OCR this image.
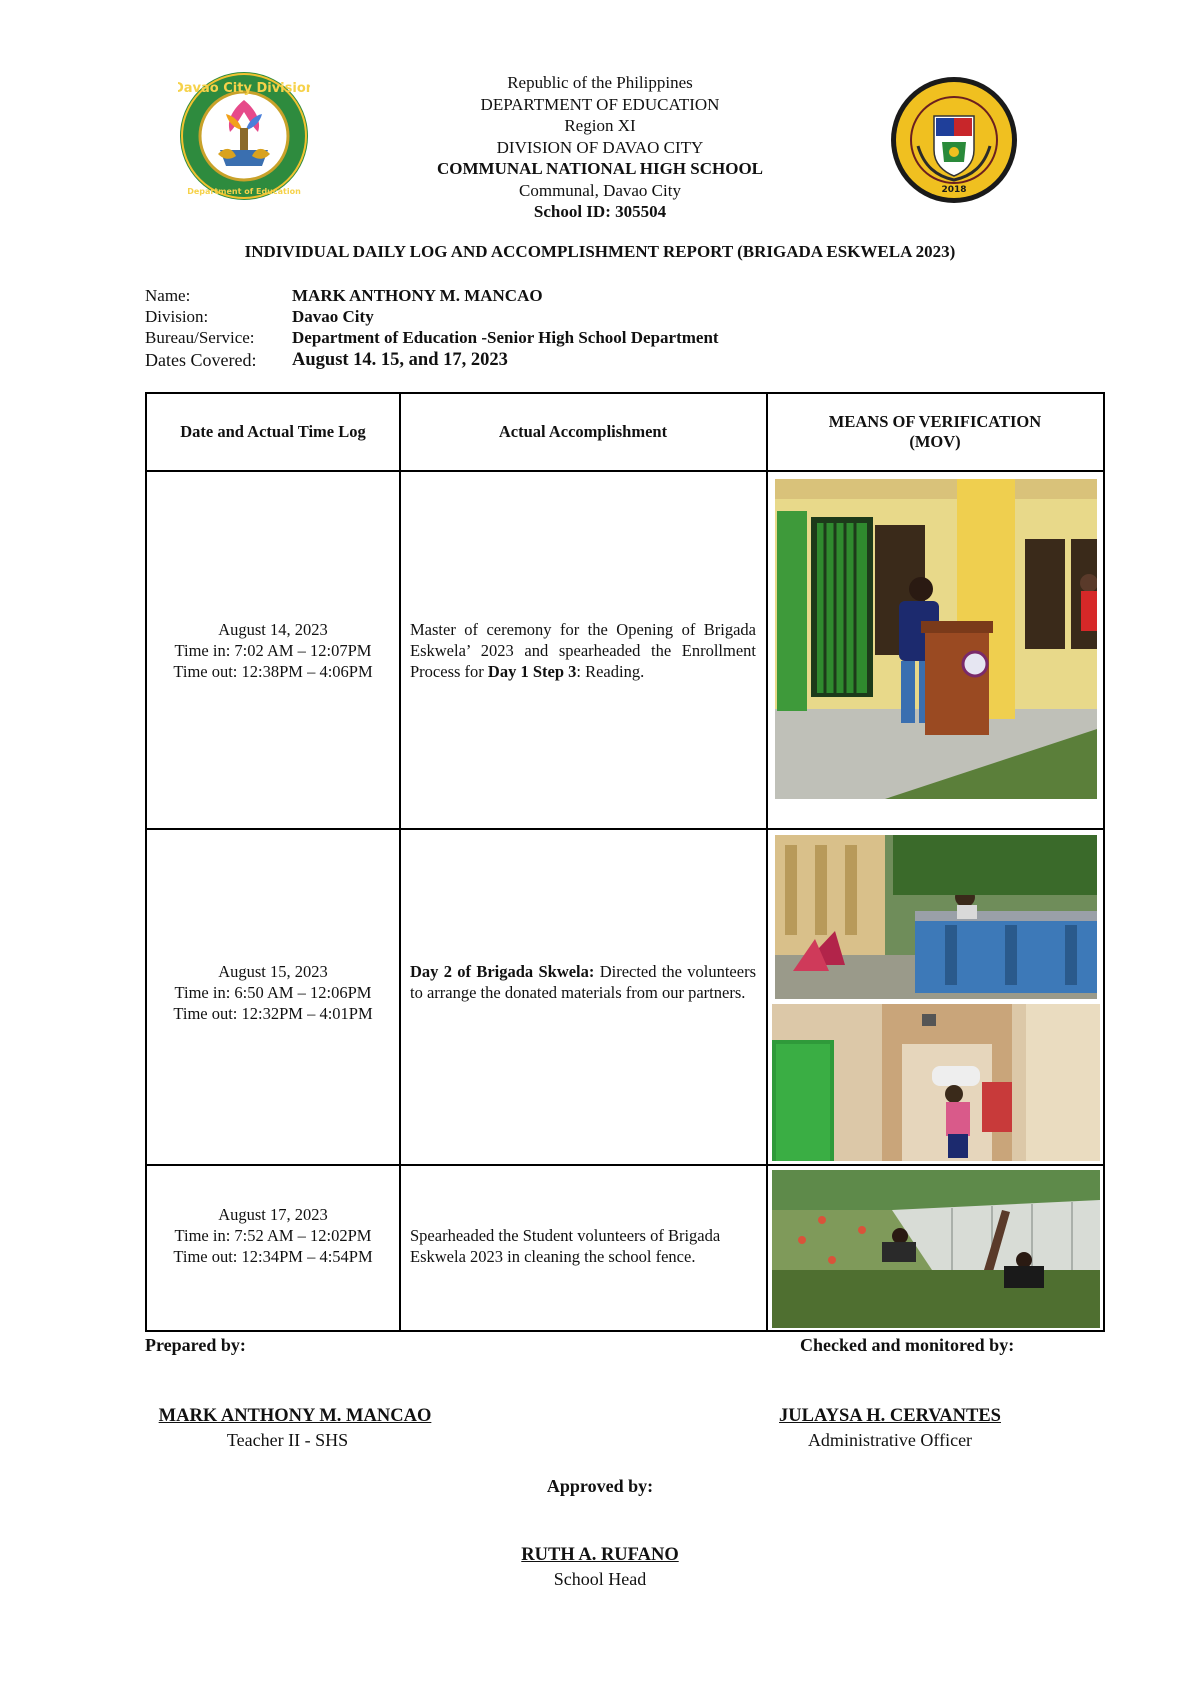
Davao City Division
Department of Education
Republic of the Philippines
DEPARTMENT OF EDUCATION
Region XI
DIVISION OF DAVAO CITY
COMMUNAL NATIONAL HIGH SCHOOL
Communal, Davao City
School ID: 305504
2018
INDIVIDUAL DAILY LOG AND ACCOMPLISHMENT REPORT (BRIGADA ESKWELA 2023)
Name:	MARK ANTHONY M. MANCAO
Division:	Davao City
Bureau/Service:	Department of Education -Senior High School Department
Dates Covered:	August 14. 15, and 17, 2023
Date and Actual Time Log	Actual Accomplishment
MEANS OF VERIFICATION
(MOV)
August 14, 2023
Time in: 7:02 AM – 12:07PM
Time out: 12:38PM – 4:06PM
Master of ceremony for the Opening of Brigada Eskwela’ 2023 and spearheaded the Enrollment Process for Day 1 Step 3: Reading.
August 15, 2023
Time in: 6:50 AM – 12:06PM
Time out: 12:32PM – 4:01PM
Day 2 of Brigada Skwela: Directed the volunteers to arrange the donated materials from our partners.
August 17, 2023
Time in: 7:52 AM – 12:02PM
Time out: 12:34PM – 4:54PM
Spearheaded the Student volunteers of Brigada Eskwela 2023 in cleaning the school fence.
Prepared by:	Checked and monitored by:
MARK ANTHONY M. MANCAO
Teacher II - SHS
JULAYSA H. CERVANTES
Administrative Officer
Approved by:
RUTH A. RUFANO
School Head
